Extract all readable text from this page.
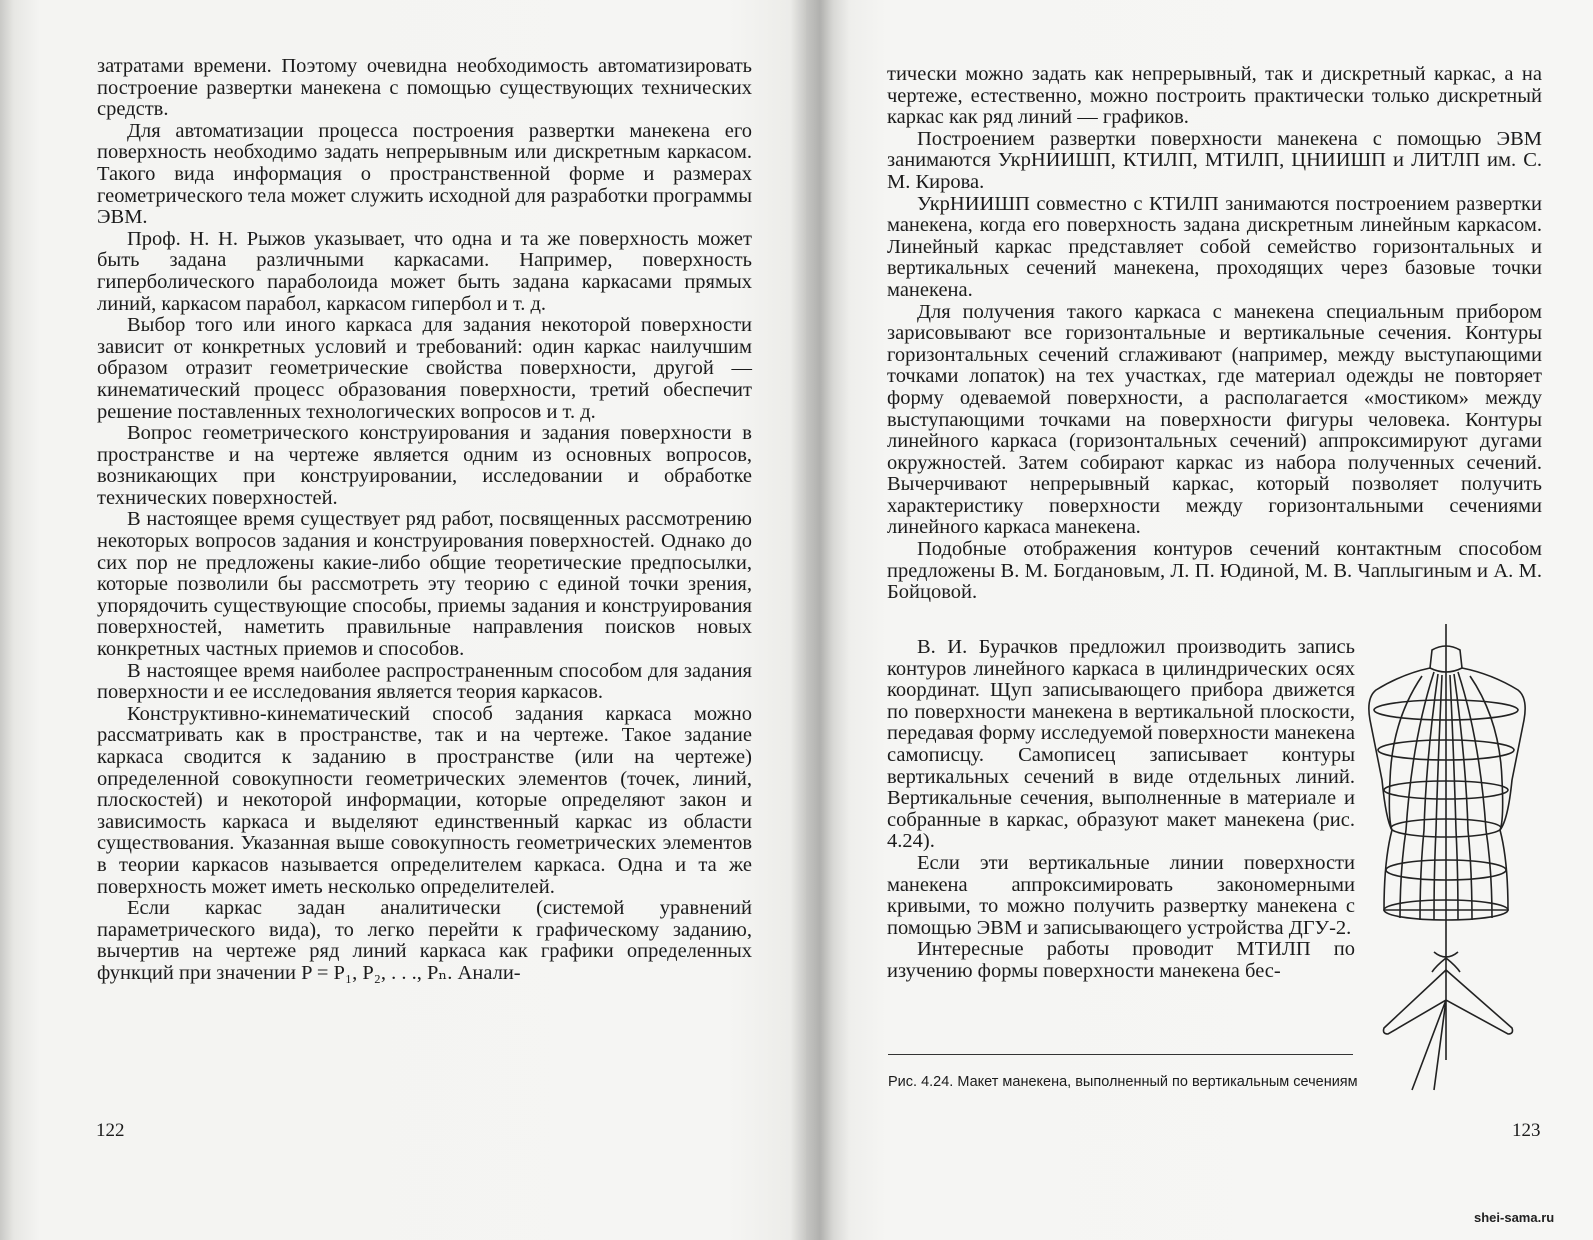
затратами времени. Поэтому очевидна необходимость автоматизировать построение развертки манекена с помощью существующих технических средств.

Для автоматизации процесса построения развертки манекена его поверхность необходимо задать непрерывным или дискретным каркасом. Такого вида информация о пространственной форме и размерах геометрического тела может служить исходной для разработки программы ЭВМ.

Проф. Н. Н. Рыжов указывает, что одна и та же поверхность может быть задана различными каркасами. Например, поверхность гиперболического параболоида может быть задана каркасами прямых линий, каркасом парабол, каркасом гипербол и т. д.

Выбор того или иного каркаса для задания некоторой поверхности зависит от конкретных условий и требований: один каркас наилучшим образом отразит геометрические свойства поверхности, другой — кинематический процесс образования поверхности, третий обеспечит решение поставленных технологических вопросов и т. д.

Вопрос геометрического конструирования и задания поверхности в пространстве и на чертеже является одним из основных вопросов, возникающих при конструировании, исследовании и обработке технических поверхностей.

В настоящее время существует ряд работ, посвященных рассмотрению некоторых вопросов задания и конструирования поверхностей. Однако до сих пор не предложены какие-либо общие теоретические предпосылки, которые позволили бы рассмотреть эту теорию с единой точки зрения, упорядочить существующие способы, приемы задания и конструирования поверхностей, наметить правильные направления поисков новых конкретных частных приемов и способов.

В настоящее время наиболее распространенным способом для задания поверхности и ее исследования является теория каркасов.

Конструктивно-кинематический способ задания каркаса можно рассматривать как в пространстве, так и на чертеже. Такое задание каркаса сводится к заданию в пространстве (или на чертеже) определенной совокупности геометрических элементов (точек, линий, плоскостей) и некоторой информации, которые определяют закон и зависимость каркаса и выделяют единственный каркас из области существования. Указанная выше совокупность геометрических элементов в теории каркасов называется определителем каркаса. Одна и та же поверхность может иметь несколько определителей.

Если каркас задан аналитически (системой уравнений параметрического вида), то легко перейти к графическому заданию, вычертив на чертеже ряд линий каркаса как графики определенных функций при значении P = P₁, P₂, . . ., Pₙ. Анали-

122

тически можно задать как непрерывный, так и дискретный каркас, а на чертеже, естественно, можно построить практически только дискретный каркас как ряд линий — графиков.

Построением развертки поверхности манекена с помощью ЭВМ занимаются УкрНИИШП, КТИЛП, МТИЛП, ЦНИИШП и ЛИТЛП им. С. М. Кирова.

УкрНИИШП совместно с КТИЛП занимаются построением развертки манекена, когда его поверхность задана дискретным линейным каркасом. Линейный каркас представляет собой семейство горизонтальных и вертикальных сечений манекена, проходящих через базовые точки манекена.

Для получения такого каркаса с манекена специальным прибором зарисовывают все горизонтальные и вертикальные сечения. Контуры горизонтальных сечений сглаживают (например, между выступающими точками лопаток) на тех участках, где материал одежды не повторяет форму одеваемой поверхности, а располагается «мостиком» между выступающими точками на поверхности фигуры человека. Контуры линейного каркаса (горизонтальных сечений) аппроксимируют дугами окружностей. Затем собирают каркас из набора полученных сечений. Вычерчивают непрерывный каркас, который позволяет получить характеристику поверхности между горизонтальными сечениями линейного каркаса манекена.

Подобные отображения контуров сечений контактным способом предложены В. М. Богдановым, Л. П. Юдиной, М. В. Чаплыгиным и А. М. Бойцовой.

В. И. Бурачков предложил производить запись контуров линейного каркаса в цилиндрических осях координат. Щуп записывающего прибора движется по поверхности манекена в вертикальной плоскости, передавая форму исследуемой поверхности манекена самописцу. Самописец записывает контуры вертикальных сечений в виде отдельных линий. Вертикальные сечения, выполненные в материале и собранные в каркас, образуют макет манекена (рис. 4.24).

Если эти вертикальные линии поверхности манекена аппроксимировать закономерными кривыми, то можно получить развертку манекена с помощью ЭВМ и записывающего устройства ДГУ-2.

Интересные работы проводит МТИЛП по изучению формы поверхности манекена бес-

Рис. 4.24. Макет манекена, выполненный по вертикальным сечениям
123
shei-sama.ru
